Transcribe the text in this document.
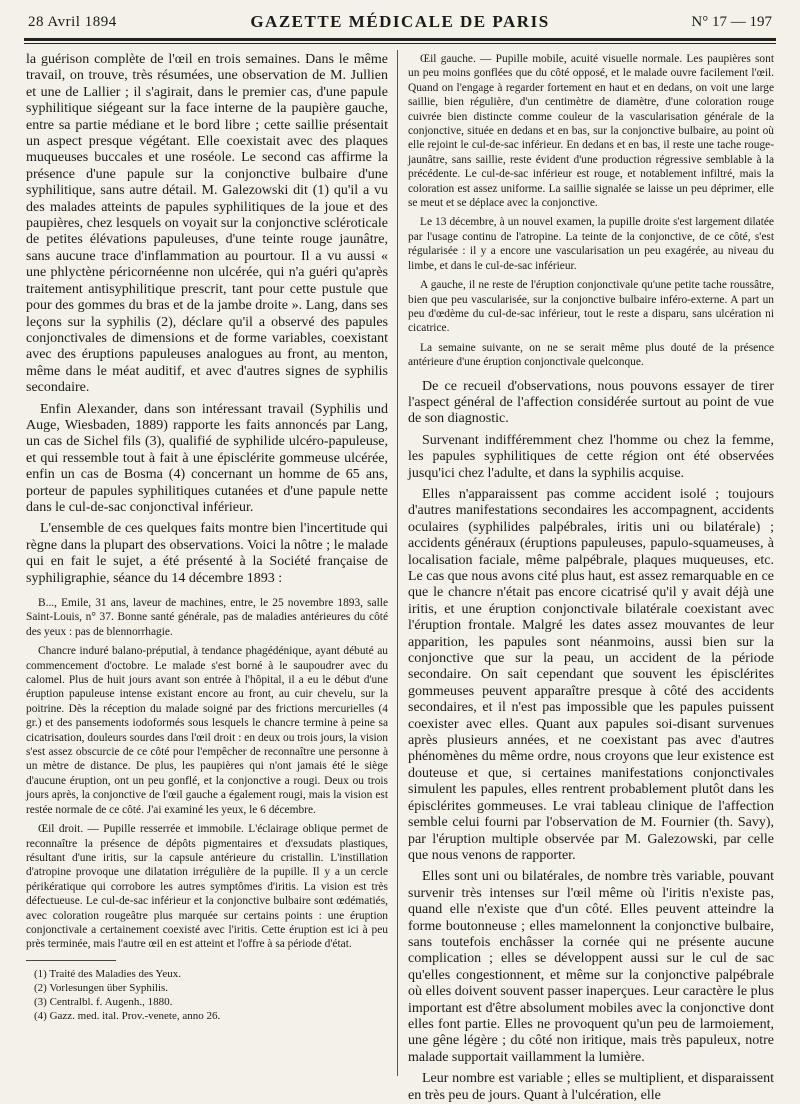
28 Avril 1894	GAZETTE MÉDICALE DE PARIS	N° 17 — 197

la guérison complète de l'œil en trois semaines. Dans le même travail, on trouve, très résumées, une observation de M. Jullien et une de Lallier ; il s'agirait, dans le premier cas, d'une papule syphilitique siégeant sur la face interne de la paupière gauche, entre sa partie médiane et le bord libre ; cette saillie présentait un aspect presque végétant. Elle coexistait avec des plaques muqueuses buccales et une roséole. Le second cas affirme la présence d'une papule sur la conjonctive bulbaire d'une syphilitique, sans autre détail. M. Galezowski dit (1) qu'il a vu des malades atteints de papules syphilitiques de la joue et des paupières, chez lesquels on voyait sur la conjonctive scléroticale de petites élévations papuleuses, d'une teinte rouge jaunâtre, sans aucune trace d'inflammation au pourtour. Il a vu aussi « une phlyctène péricornéenne non ulcérée, qui n'a guéri qu'après traitement antisyphilitique prescrit, tant pour cette pustule que pour des gommes du bras et de la jambe droite ». Lang, dans ses leçons sur la syphilis (2), déclare qu'il a observé des papules conjonctivales de dimensions et de forme variables, coexistant avec des éruptions papuleuses analogues au front, au menton, même dans le méat auditif, et avec d'autres signes de syphilis secondaire.

Enfin Alexander, dans son intéressant travail (Syphilis und Auge, Wiesbaden, 1889) rapporte les faits annoncés par Lang, un cas de Sichel fils (3), qualifié de syphilide ulcéro-papuleuse, et qui ressemble tout à fait à une épisclérite gommeuse ulcérée, enfin un cas de Bosma (4) concernant un homme de 65 ans, porteur de papules syphilitiques cutanées et d'une papule nette dans le cul-de-sac conjonctival inférieur.

L'ensemble de ces quelques faits montre bien l'incertitude qui règne dans la plupart des observations. Voici la nôtre ; le malade qui en fait le sujet, a été présenté à la Société française de syphiligraphie, séance du 14 décembre 1893 :

B..., Emile, 31 ans, laveur de machines, entre, le 25 novembre 1893, salle Saint-Louis, n° 37. Bonne santé générale, pas de maladies antérieures du côté des yeux : pas de blennorrhagie.

Chancre induré balano-préputial, à tendance phagédénique, ayant débuté au commencement d'octobre. Le malade s'est borné à le saupoudrer avec du calomel. Plus de huit jours avant son entrée à l'hôpital, il a eu le début d'une éruption papuleuse intense existant encore au front, au cuir chevelu, sur la poitrine. Dès la réception du malade soigné par des frictions mercurielles (4 gr.) et des pansements iodoformés sous lesquels le chancre termine à peine sa cicatrisation, douleurs sourdes dans l'œil droit : en deux ou trois jours, la vision s'est assez obscurcie de ce côté pour l'empêcher de reconnaître une personne à un mètre de distance. De plus, les paupières qui n'ont jamais été le siège d'aucune éruption, ont un peu gonflé, et la conjonctive a rougi. Deux ou trois jours après, la conjonctive de l'œil gauche a également rougi, mais la vision est restée normale de ce côté. J'ai examiné les yeux, le 6 décembre.

Œil droit. — Pupille resserrée et immobile. L'éclairage oblique permet de reconnaître la présence de dépôts pigmentaires et d'exsudats plastiques, résultant d'une iritis, sur la capsule antérieure du cristallin. L'instillation d'atropine provoque une dilatation irrégulière de la pupille. Il y a un cercle périkératique qui corrobore les autres symptômes d'iritis. La vision est très défectueuse. Le cul-de-sac inférieur et la conjonctive bulbaire sont œdématiés, avec coloration rougeâtre plus marquée sur certains points : une éruption conjonctivale a certainement coexisté avec l'iritis. Cette éruption est ici à peu près terminée, mais l'autre œil en est atteint et l'offre à sa période d'état.

(1) Traité des Maladies des Yeux.

(2) Vorlesungen über Syphilis.

(3) Centralbl. f. Augenh., 1880.

(4) Gazz. med. ital. Prov.-venete, anno 26.

Œil gauche. — Pupille mobile, acuité visuelle normale. Les paupières sont un peu moins gonflées que du côté opposé, et le malade ouvre facilement l'œil. Quand on l'engage à regarder fortement en haut et en dedans, on voit une large saillie, bien régulière, d'un centimètre de diamètre, d'une coloration rouge cuivrée bien distincte comme couleur de la vascularisation générale de la conjonctive, située en dedans et en bas, sur la conjonctive bulbaire, au point où elle rejoint le cul-de-sac inférieur. En dedans et en bas, il reste une tache rouge-jaunâtre, sans saillie, reste évident d'une production régressive semblable à la précédente. Le cul-de-sac inférieur est rouge, et notablement infiltré, mais la coloration est assez uniforme. La saillie signalée se laisse un peu déprimer, elle se meut et se déplace avec la conjonctive.

Le 13 décembre, à un nouvel examen, la pupille droite s'est largement dilatée par l'usage continu de l'atropine. La teinte de la conjonctive, de ce côté, s'est régularisée : il y a encore une vascularisation un peu exagérée, au niveau du limbe, et dans le cul-de-sac inférieur.

A gauche, il ne reste de l'éruption conjonctivale qu'une petite tache roussâtre, bien que peu vascularisée, sur la conjonctive bulbaire inféro-externe. A part un peu d'œdème du cul-de-sac inférieur, tout le reste a disparu, sans ulcération ni cicatrice.

La semaine suivante, on ne se serait même plus douté de la présence antérieure d'une éruption conjonctivale quelconque.

De ce recueil d'observations, nous pouvons essayer de tirer l'aspect général de l'affection considérée surtout au point de vue de son diagnostic.

Survenant indifféremment chez l'homme ou chez la femme, les papules syphilitiques de cette région ont été observées jusqu'ici chez l'adulte, et dans la syphilis acquise.

Elles n'apparaissent pas comme accident isolé ; toujours d'autres manifestations secondaires les accompagnent, accidents oculaires (syphilides palpébrales, iritis uni ou bilatérale) ; accidents généraux (éruptions papuleuses, papulo-squameuses, à localisation faciale, même palpébrale, plaques muqueuses, etc. Le cas que nous avons cité plus haut, est assez remarquable en ce que le chancre n'était pas encore cicatrisé qu'il y avait déjà une iritis, et une éruption conjonctivale bilatérale coexistant avec l'éruption frontale. Malgré les dates assez mouvantes de leur apparition, les papules sont néanmoins, aussi bien sur la conjonctive que sur la peau, un accident de la période secondaire. On sait cependant que souvent les épisclérites gommeuses peuvent apparaître presque à côté des accidents secondaires, et il n'est pas impossible que les papules puissent coexister avec elles. Quant aux papules soi-disant survenues après plusieurs années, et ne coexistant pas avec d'autres phénomènes du même ordre, nous croyons que leur existence est douteuse et que, si certaines manifestations conjonctivales simulent les papules, elles rentrent probablement plutôt dans les épisclérites gommeuses. Le vrai tableau clinique de l'affection semble celui fourni par l'observation de M. Fournier (th. Savy), par l'éruption multiple observée par M. Galezowski, par celle que nous venons de rapporter.

Elles sont uni ou bilatérales, de nombre très variable, pouvant survenir très intenses sur l'œil même où l'iritis n'existe pas, quand elle n'existe que d'un côté. Elles peuvent atteindre la forme boutonneuse ; elles mamelonnent la conjonctive bulbaire, sans toutefois enchâsser la cornée qui ne présente aucune complication ; elles se développent aussi sur le cul de sac qu'elles congestionnent, et même sur la conjonctive palpébrale où elles doivent souvent passer inaperçues. Leur caractère le plus important est d'être absolument mobiles avec la conjonctive dont elles font partie. Elles ne provoquent qu'un peu de larmoiement, une gêne légère ; du côté non iritique, mais très papuleux, notre malade supportait vaillamment la lumière.

Leur nombre est variable ; elles se multiplient, et disparaissent en très peu de jours. Quant à l'ulcération, elle
